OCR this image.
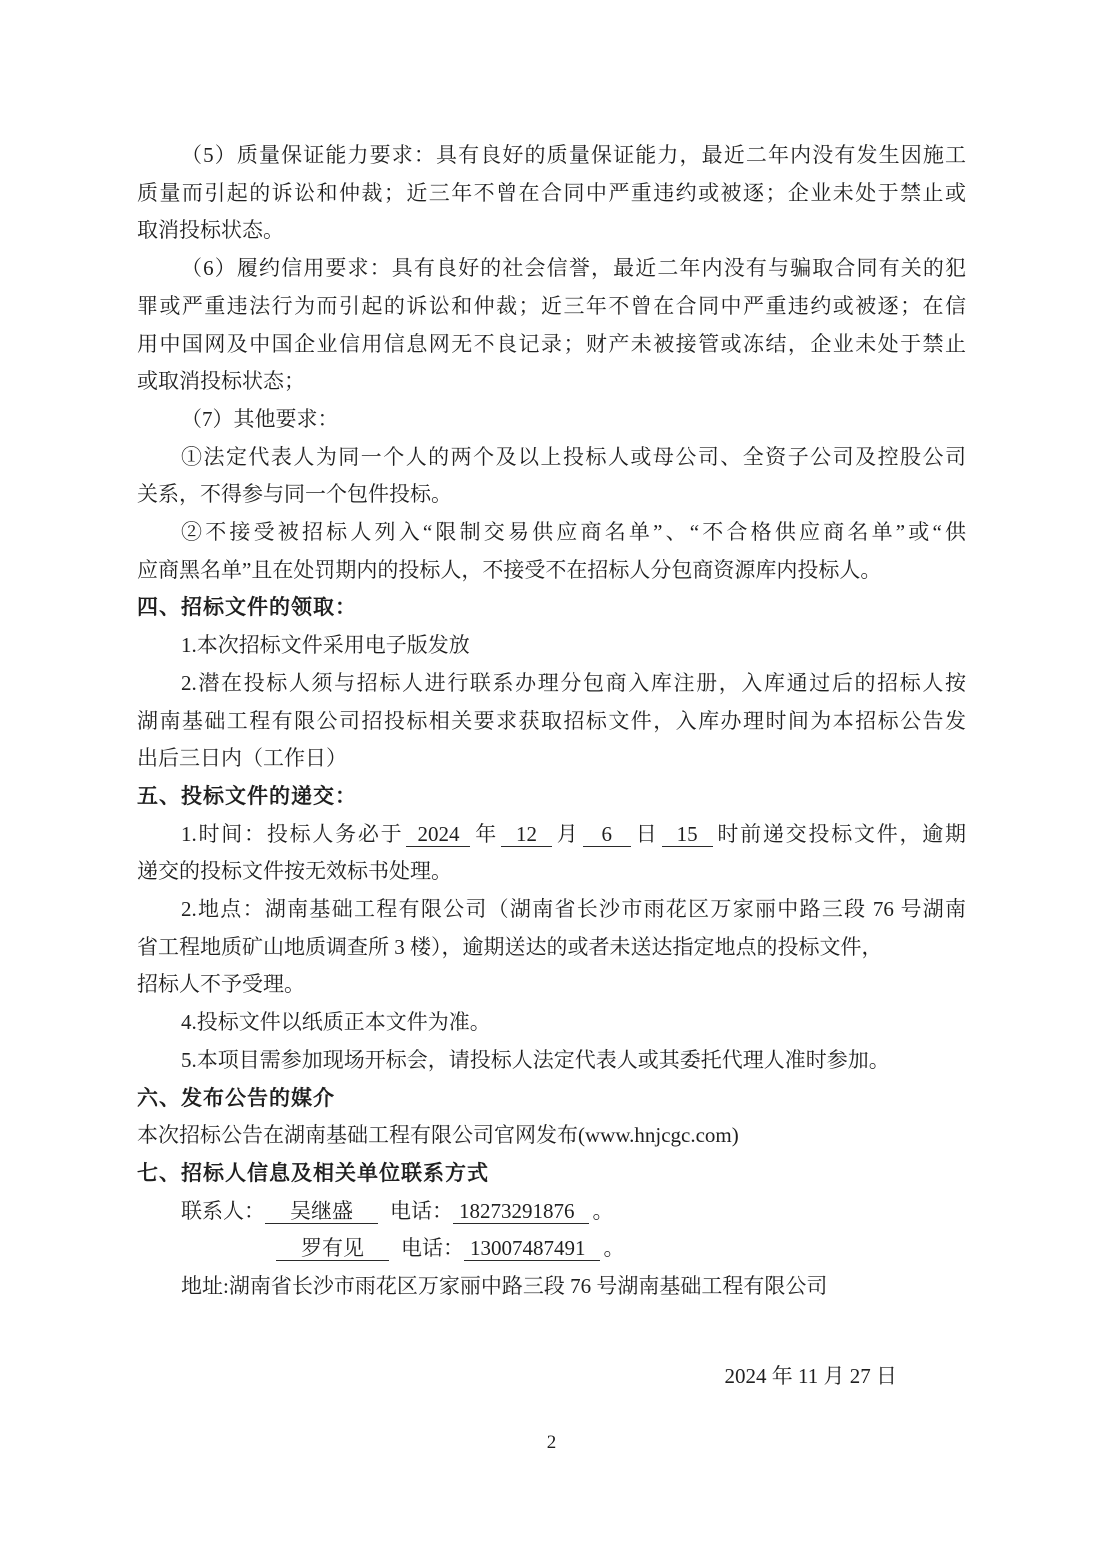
（5）质量保证能力要求：具有良好的质量保证能力，最近二年内没有发生因施工
质量而引起的诉讼和仲裁；近三年不曾在合同中严重违约或被逐；企业未处于禁止或
取消投标状态。
（6）履约信用要求：具有良好的社会信誉，最近二年内没有与骗取合同有关的犯
罪或严重违法行为而引起的诉讼和仲裁；近三年不曾在合同中严重违约或被逐；在信
用中国网及中国企业信用信息网无不良记录；财产未被接管或冻结，企业未处于禁止
或取消投标状态；
（7）其他要求：
①法定代表人为同一个人的两个及以上投标人或母公司、全资子公司及控股公司
关系，不得参与同一个包件投标。
②不接受被招标人列入“限制交易供应商名单”、“不合格供应商名单”或“供
应商黑名单”且在处罚期内的投标人，不接受不在招标人分包商资源库内投标人。
四、招标文件的领取：
1.本次招标文件采用电子版发放
2.潜在投标人须与招标人进行联系办理分包商入库注册，入库通过后的招标人按
湖南基础工程有限公司招投标相关要求获取招标文件，入库办理时间为本招标公告发
出后三日内（工作日）
五、投标文件的递交：
1.时间：投标人务必于 2024 年 12 月 6 日 15 时前递交投标文件，逾期
递交的投标文件按无效标书处理。
2.地点：湖南基础工程有限公司（湖南省长沙市雨花区万家丽中路三段 76 号湖南
省工程地质矿山地质调查所 3 楼），逾期送达的或者未送达指定地点的投标文件，
招标人不予受理。
4.投标文件以纸质正本文件为准。
5.本项目需参加现场开标会，请投标人法定代表人或其委托代理人准时参加。
六、发布公告的媒介
本次招标公告在湖南基础工程有限公司官网发布(www.hnjcgc.com)
七、招标人信息及相关单位联系方式
联系人： 吴继盛 电话： 18273291876 。
罗有见 电话： 13007487491 。
地址:湖南省长沙市雨花区万家丽中路三段 76 号湖南基础工程有限公司
2024 年 11 月 27 日
2
